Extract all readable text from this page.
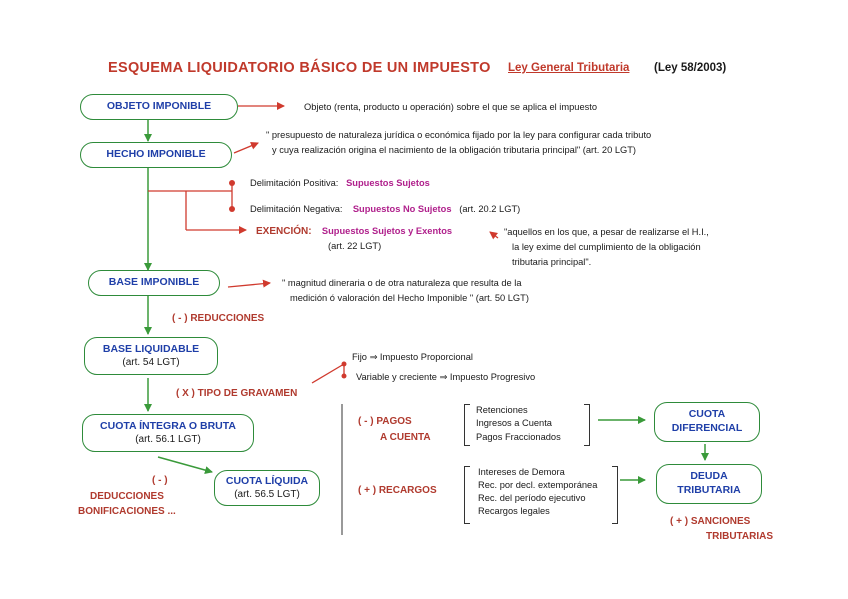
ESQUEMA LIQUIDATORIO BÁSICO DE UN IMPUESTO Ley General Tributaria (Ley 58/2003)
OBJETO IMPONIBLE
HECHO IMPONIBLE
BASE IMPONIBLE
BASE LIQUIDABLE
(art. 54 LGT)
CUOTA ÍNTEGRA O BRUTA
(art. 56.1 LGT)
CUOTA LÍQUIDA
(art. 56.5 LGT)
CUOTA
DIFERENCIAL
DEUDA
TRIBUTARIA
Objeto (renta, producto u operación) sobre el que se aplica el impuesto
" presupuesto de naturaleza jurídica o económica fijado por la ley para configurar cada tributo
y cuya realización origina el nacimiento de la obligación tributaria principal" (art. 20 LGT)
Delimitación Positiva: Supuestos Sujetos
Delimitación Negativa: Supuestos No Sujetos (art. 20.2 LGT)
EXENCIÓN: Supuestos Sujetos y Exentos
(art. 22 LGT)
"aquellos en los que, a pesar de realizarse el H.I.,
la ley exime del cumplimiento de la obligación
tributaria principal".
" magnitud dineraria o de otra naturaleza que resulta de la
medición ó valoración del Hecho Imponible " (art. 50 LGT)
( - ) REDUCCIONES
Fijo ⇒ Impuesto Proporcional
Variable y creciente ⇒ Impuesto Progresivo
( X ) TIPO DE GRAVAMEN
( - )
DEDUCCIONES
BONIFICACIONES ...
( - ) PAGOS
A CUENTA
Retenciones
Ingresos a Cuenta
Pagos Fraccionados
( + ) RECARGOS
Intereses de Demora
Rec. por decl. extemporánea
Rec. del período ejecutivo
Recargos legales
( + ) SANCIONES
TRIBUTARIAS
